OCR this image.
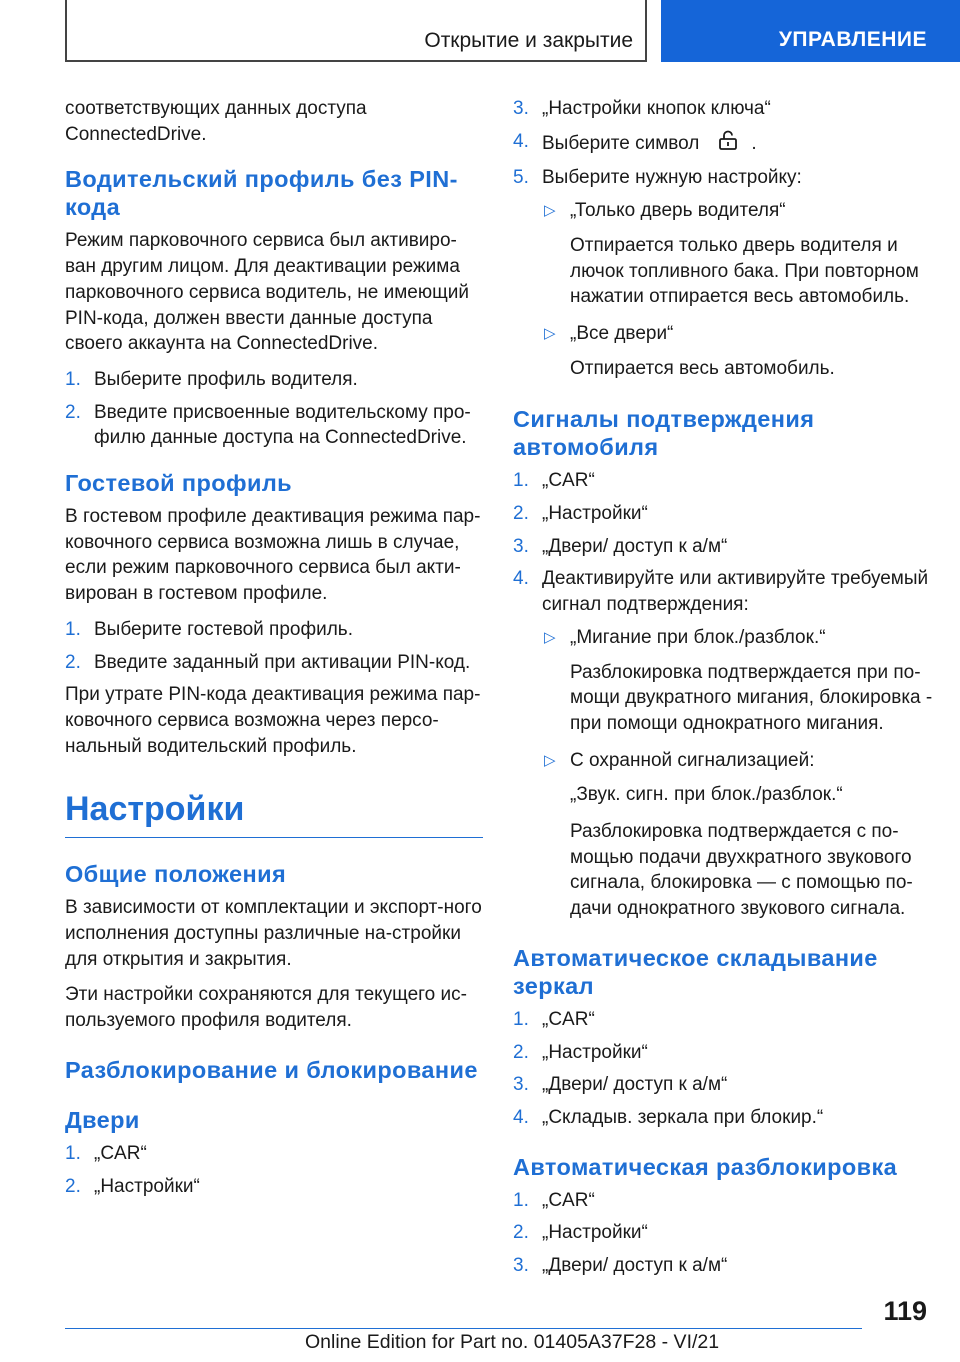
Открытие и закрытие	УПРАВЛЕНИЕ

соответствующих данных доступа ConnectedDrive.

Водительский профиль без PIN-кода

Режим парковочного сервиса был активиро-ван другим лицом. Для деактивации режима парковочного сервиса водитель, не имеющий PIN-кода, должен ввести данные доступа своего аккаунта на ConnectedDrive.

1. Выберите профиль водителя.
2. Введите присвоенные водительскому про-филю данные доступа на ConnectedDrive.
Гостевой профиль

В гостевом профиле деактивация режима пар-ковочного сервиса возможна лишь в случае, если режим парковочного сервиса был акти-вирован в гостевом профиле.

1. Выберите гостевой профиль.
2. Введите заданный при активации PIN-код.

При утрате PIN-кода деактивация режима пар-ковочного сервиса возможна через персо-нальный водительский профиль.

Настройки
Общие положения

В зависимости от комплектации и экспорт-ного исполнения доступны различные на-стройки для открытия и закрытия.

Эти настройки сохраняются для текущего ис-пользуемого профиля водителя.

Разблокирование и блокирование
Двери
1. „CAR“
2. „Настройки“
3. „Настройки кнопок ключа“
4. Выберите символ	.
5. Выберите нужную настройку:
▷ „Только дверь водителя“
Отпирается только дверь водителя и лючок топливного бака. При повторном нажатии отпирается весь автомобиль.
▷ „Все двери“
Отпирается весь автомобиль.
Сигналы подтверждения автомобиля
1. „CAR“
2. „Настройки“
3. „Двери/ доступ к а/м“
4. Деактивируйте или активируйте требуемый сигнал подтверждения:
▷ „Мигание при блок./разблок.“
Разблокировка подтверждается при по-мощи двукратного мигания, блокировка - при помощи однократного мигания.
▷ С охранной сигнализацией:
„Звук. сигн. при блок./разблок.“
Разблокировка подтверждается с по-мощью подачи двухкратного звукового сигнала, блокировка — с помощью по-дачи однократного звукового сигнала.
Автоматическое складывание зеркал
1. „CAR“
2. „Настройки“
3. „Двери/ доступ к а/м“
4. „Складыв. зеркала при блокир.“
Автоматическая разблокировка
1. „CAR“
2. „Настройки“
3. „Двери/ доступ к а/м“
119
Online Edition for Part no. 01405A37F28 - VI/21
